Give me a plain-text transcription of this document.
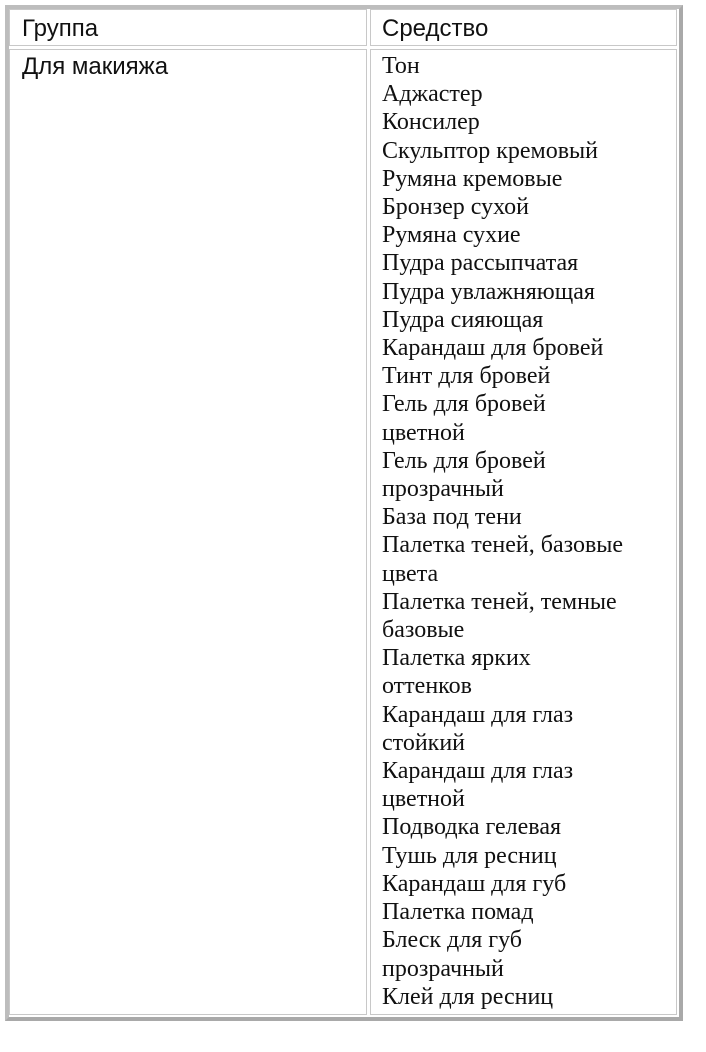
Группа	Средство
Для макияжа	Тон
Аджастер
Консилер
Скульптор кремовый
Румяна кремовые
Бронзер сухой
Румяна сухие
Пудра рассыпчатая
Пудра увлажняющая
Пудра сияющая
Карандаш для бровей
Тинт для бровей
Гель для бровей
цветной
Гель для бровей
прозрачный
База под тени
Палетка теней, базовые
цвета
Палетка теней, темные
базовые
Палетка ярких
оттенков
Карандаш для глаз
стойкий
Карандаш для глаз
цветной
Подводка гелевая
Тушь для ресниц
Карандаш для губ
Палетка помад
Блеск для губ
прозрачный
Клей для ресниц
